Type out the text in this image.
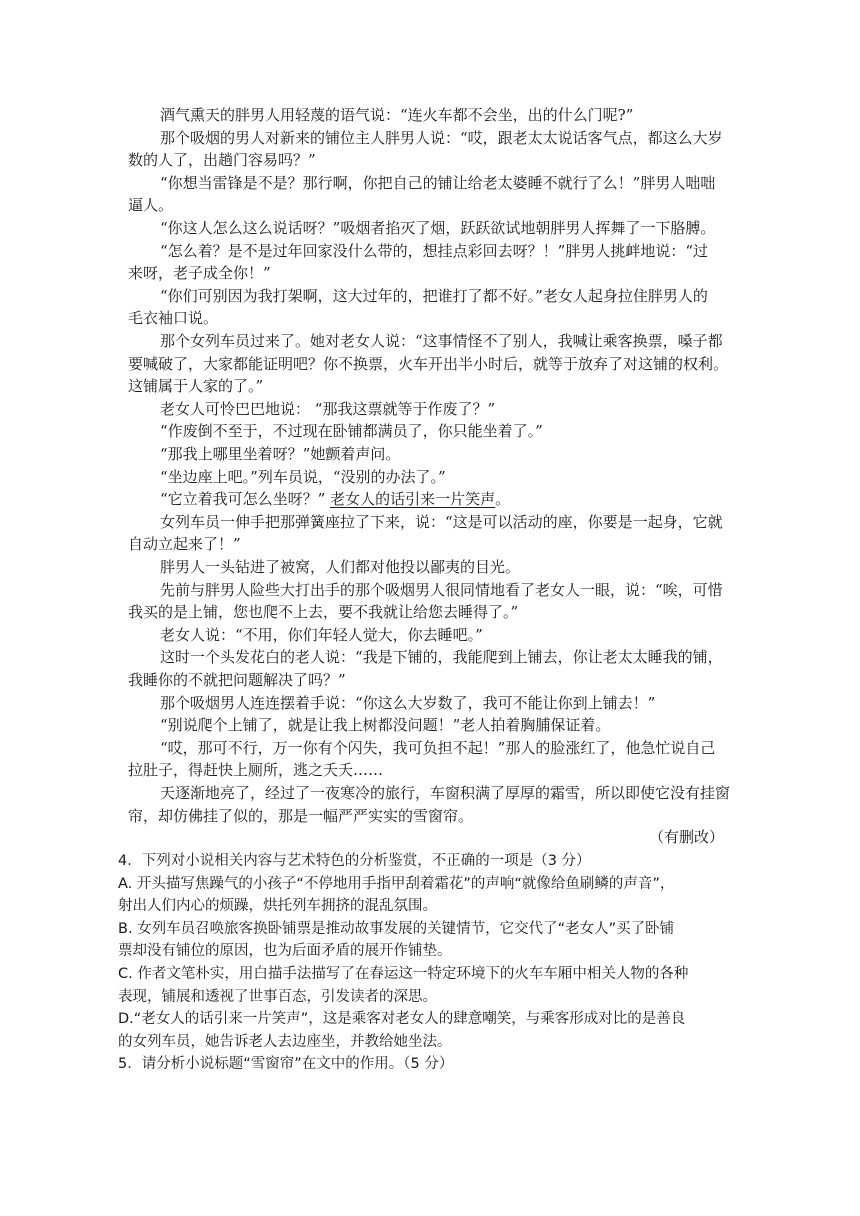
酒气熏天的胖男人用轻蔑的语气说：“连火车都不会坐，出的什么门呢?”
那个吸烟的男人对新来的铺位主人胖男人说：“哎，跟老太太说话客气点，都这么大岁
数的人了，出趟门容易吗？”
“你想当雷锋是不是？那行啊，你把自己的铺让给老太婆睡不就行了么！”胖男人咄咄
逼人。
“你这人怎么这么说话呀？”吸烟者掐灭了烟，跃跃欲试地朝胖男人挥舞了一下胳膊。
“怎么着？是不是过年回家没什么带的，想挂点彩回去呀？！”胖男人挑衅地说：“过
来呀，老子成全你！”
“你们可别因为我打架啊，这大过年的，把谁打了都不好。”老女人起身拉住胖男人的
毛衣袖口说。
那个女列车员过来了。她对老女人说：“这事情怪不了别人，我喊让乘客换票，嗓子都
要喊破了，大家都能证明吧？你不换票，火车开出半小时后，就等于放弃了对这铺的权利。
这铺属于人家的了。”
老女人可怜巴巴地说： “那我这票就等于作废了？”
“作废倒不至于，不过现在卧铺都满员了，你只能坐着了。”
“那我上哪里坐着呀？”她颤着声问。
“坐边座上吧。”列车员说，“没别的办法了。”
“它立着我可怎么坐呀？” 老女人的话引来一片笑声。
女列车员一伸手把那弹簧座拉了下来，说：“这是可以活动的座，你要是一起身，它就
自动立起来了！”
胖男人一头钻进了被窝，人们都对他投以鄙夷的目光。
先前与胖男人险些大打出手的那个吸烟男人很同情地看了老女人一眼，说：“唉，可惜
我买的是上铺，您也爬不上去，要不我就让给您去睡得了。”
老女人说：“不用，你们年轻人觉大，你去睡吧。”
这时一个头发花白的老人说：“我是下铺的，我能爬到上铺去，你让老太太睡我的铺，
我睡你的不就把问题解决了吗？”
那个吸烟男人连连摆着手说：“你这么大岁数了，我可不能让你到上铺去！”
“别说爬个上铺了，就是让我上树都没问题！”老人拍着胸脯保证着。
“哎，那可不行，万一你有个闪失，我可负担不起！”那人的脸涨红了，他急忙说自己
拉肚子，得赶快上厕所，逃之夭夭……
天逐渐地亮了，经过了一夜寒冷的旅行，车窗积满了厚厚的霜雪，所以即使它没有挂窗
帘，却仿佛挂了似的，那是一幅严严实实的雪窗帘。
（有删改）
4．下列对小说相关内容与艺术特色的分析鉴赏，不正确的一项是（3 分）
A. 开头描写焦躁气的小孩子“不停地用手指甲刮着霜花”的声响“就像给鱼刷鳞的声音”，
射出人们内心的烦躁，烘托列车拥挤的混乱氛围。
B. 女列车员召唤旅客换卧铺票是推动故事发展的关键情节，它交代了“老女人”买了卧铺
票却没有铺位的原因，也为后面矛盾的展开作铺垫。
C. 作者文笔朴实，用白描手法描写了在春运这一特定环境下的火车车厢中相关人物的各种
表现，铺展和透视了世事百态，引发读者的深思。
D.“老女人的话引来一片笑声”，这是乘客对老女人的肆意嘲笑，与乘客形成对比的是善良
的女列车员，她告诉老人去边座坐，并教给她坐法。
5．请分析小说标题“雪窗帘”在文中的作用。（5 分）
